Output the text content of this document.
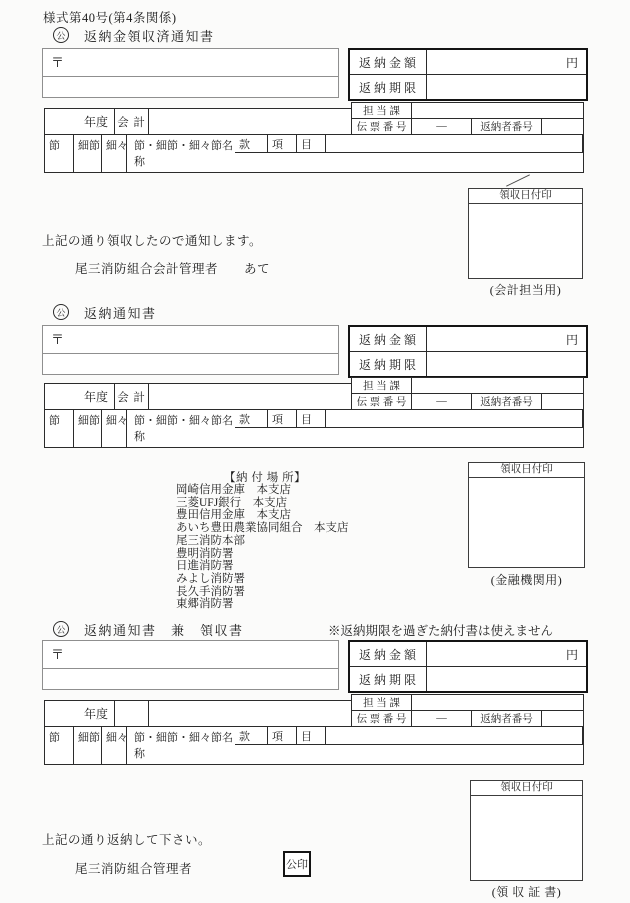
様式第40号(第4条関係)
公 返納金領収済通知書
〒	返 納 金 額	円
返 納 期 限
年度 会 計
担 当 課
伝 票 番 号	—	返納者番号
款	項	目
節	細節 細々 節・細節・細々節名称
領収日付印
(会計担当用)
上記の通り領収したので通知します。
尾三消防組合会計管理者　　あて
公 返納通知書
〒	返 納 金 額	円
返 納 期 限
年度 会 計
担 当 課
伝 票 番 号	—	返納者番号
款	項	目
節	細節 細々 節・細節・細々節名称
【納 付 場 所】
岡崎信用金庫　本支店
三菱UFJ銀行　本支店
豊田信用金庫　本支店
あいち豊田農業協同組合　本支店
尾三消防本部
豊明消防署
日進消防署
みよし消防署
長久手消防署
東郷消防署
領収日付印
(金融機関用)
公 返納通知書　兼　領収書	※返納期限を過ぎた納付書は使えません
〒	返 納 金 額	円
返 納 期 限
年度
担 当 課
伝 票 番 号	—	返納者番号
款	項	目
節	細節 細々 節・細節・細々節名称
領収日付印
(領 収 証 書)
上記の通り返納して下さい。
尾三消防組合管理者	公印
